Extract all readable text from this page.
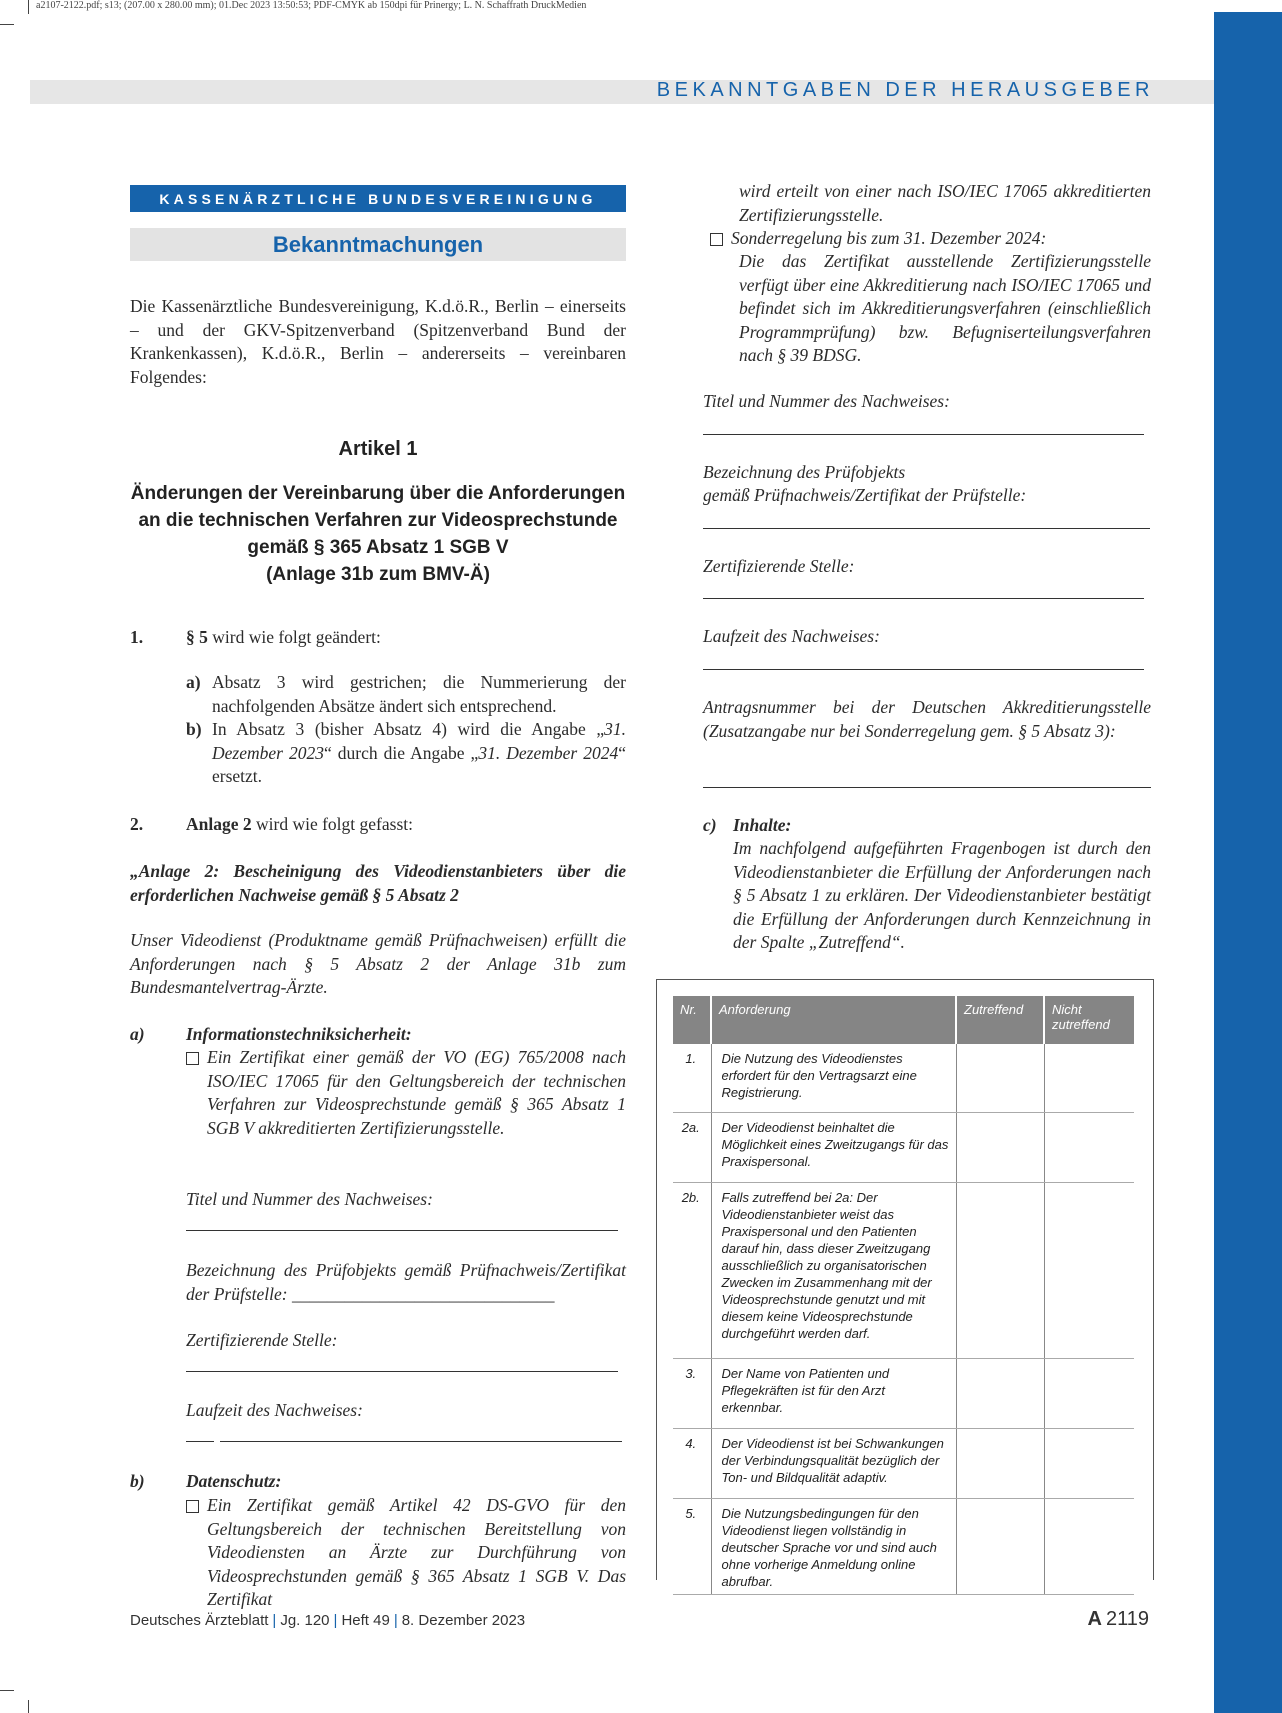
a2107-2122.pdf; s13; (207.00 x 280.00 mm); 01.Dec 2023 13:50:53; PDF-CMYK ab 150dpi für Prinergy; L. N. Schaffrath DruckMedien
BEKANNTGABEN DER HERAUSGEBER
KASSENÄRZTLICHE BUNDESVEREINIGUNG
Bekanntmachungen
Die Kassenärztliche Bundesvereinigung, K.d.ö.R., Berlin – einerseits – und der GKV-Spitzenverband (Spitzenverband Bund der Krankenkassen), K.d.ö.R., Berlin – andererseits – vereinbaren Folgendes:
Artikel 1
Änderungen der Vereinbarung über die Anforderungen
an die technischen Verfahren zur Videosprechstunde
gemäß § 365 Absatz 1 SGB V
(Anlage 31b zum BMV-Ä)
1. § 5 wird wie folgt geändert:
a) Absatz 3 wird gestrichen; die Nummerierung der nachfolgenden Absätze ändert sich entsprechend.
b) In Absatz 3 (bisher Absatz 4) wird die Angabe „31. Dezember 2023“ durch die Angabe „31. Dezember 2024“ ersetzt.
2. Anlage 2 wird wie folgt gefasst:
„Anlage 2: Bescheinigung des Videodienstanbieters über die erforderlichen Nachweise gemäß § 5 Absatz 2
Unser Videodienst (Produktname gemäß Prüfnachweisen) erfüllt die Anforderungen nach § 5 Absatz 2 der Anlage 31b zum Bundesmantelvertrag-Ärzte.
a) Informationstechniksicherheit:
Ein Zertifikat einer gemäß der VO (EG) 765/2008 nach ISO/IEC 17065 für den Geltungsbereich der technischen Verfahren zur Videosprechstunde gemäß § 365 Absatz 1 SGB V akkreditierten Zertifizierungsstelle.
Titel und Nummer des Nachweises:
Bezeichnung des Prüfobjekts gemäß Prüfnachweis/Zertifikat der Prüfstelle: ______________________________
Zertifizierende Stelle:
Laufzeit des Nachweises:
b) Datenschutz:
Ein Zertifikat gemäß Artikel 42 DS-GVO für den Geltungsbereich der technischen Bereitstellung von Videodiensten an Ärzte zur Durchführung von Videosprechstunden gemäß § 365 Absatz 1 SGB V. Das Zertifikat
wird erteilt von einer nach ISO/IEC 17065 akkreditierten Zertifizierungsstelle.
Sonderregelung bis zum 31. Dezember 2024:
Die das Zertifikat ausstellende Zertifizierungsstelle verfügt über eine Akkreditierung nach ISO/IEC 17065 und befindet sich im Akkreditierungsverfahren (einschließlich Programmprüfung) bzw. Befugniserteilungsverfahren nach § 39 BDSG.
Titel und Nummer des Nachweises:
Bezeichnung des Prüfobjekts
gemäß Prüfnachweis/Zertifikat der Prüfstelle:
Zertifizierende Stelle:
Laufzeit des Nachweises:
Antragsnummer bei der Deutschen Akkreditierungsstelle (Zusatzangabe nur bei Sonderregelung gem. § 5 Absatz 3):
c) Inhalte:
Im nachfolgend aufgeführten Fragenbogen ist durch den Videodienstanbieter die Erfüllung der Anforderungen nach § 5 Absatz 1 zu erklären. Der Videodienstanbieter bestätigt die Erfüllung der Anforderungen durch Kennzeichnung in der Spalte „Zutreffend“.
Nr.	Anforderung	Zutreffend	Nicht zutreffend
1.	Die Nutzung des Videodienstes erfordert für den Vertragsarzt eine Registrierung.		
2a.	Der Videodienst beinhaltet die Möglichkeit eines Zweitzugangs für das Praxispersonal.		
2b.	Falls zutreffend bei 2a: Der Videodienstanbieter weist das Praxispersonal und den Patienten darauf hin, dass dieser Zweitzugang ausschließlich zu organisatorischen Zwecken im Zusammenhang mit der Videosprechstunde genutzt und mit diesem keine Videosprechstunde durchgeführt werden darf.		
3.	Der Name von Patienten und Pflegekräften ist für den Arzt erkennbar.		
4.	Der Videodienst ist bei Schwankungen der Verbindungsqualität bezüglich der Ton- und Bildqualität adaptiv.		
5.	Die Nutzungsbedingungen für den Videodienst liegen vollständig in deutscher Sprache vor und sind auch ohne vorherige Anmeldung online abrufbar.		
Deutsches Ärzteblatt | Jg. 120 | Heft 49 | 8. Dezember 2023	A 2119
